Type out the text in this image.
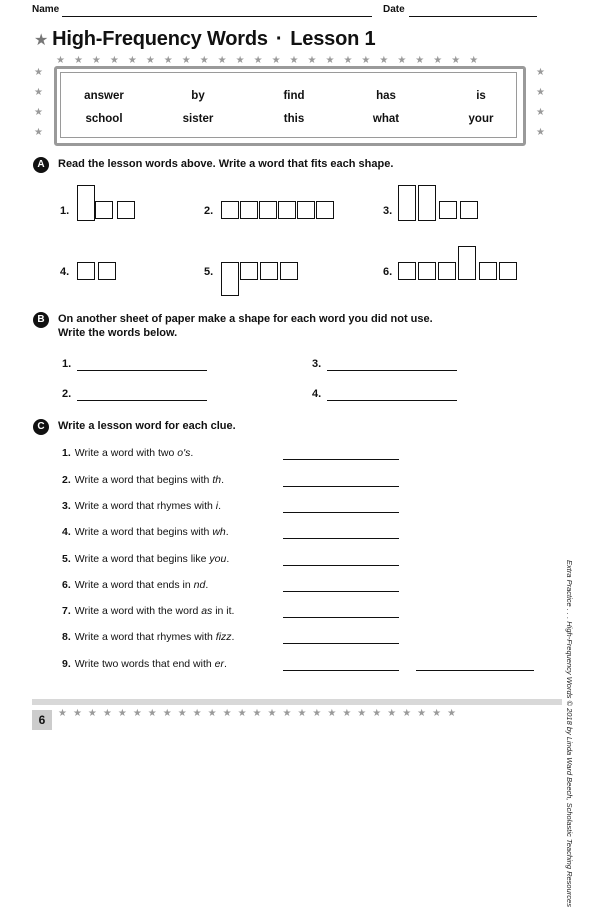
Name	Date
★ High-Frequency Words · Lesson 1
★

★

★

★
★

★

★

★
★★★★★★★★★★★★★★★★★★★★★★★★
answer	by	find	has	is
school	sister	this	what	your
A	Read the lesson words above. Write a word that fits each shape.
1.	2.	3.
4.	5.	6.
B	On another sheet of paper make a shape for each word you did not use.
Write the words below.
1.	3.
2.	4.
C	Write a lesson word for each clue.
1. Write a word with two o's.
2. Write a word that begins with th.
3. Write a word that rhymes with i.
4. Write a word that begins with wh.
5. Write a word that begins like you.
6. Write a word that ends in nd.
7. Write a word with the word as in it.
8. Write a word that rhymes with fizz.
9. Write two words that end with er.	Extra Practice . . . High-Frequency Words © 2018 by Linda Ward Beech, Scholastic Teaching Resources
6	★★★★★★★★★★★★★★★★★★★★★★★★★★★
